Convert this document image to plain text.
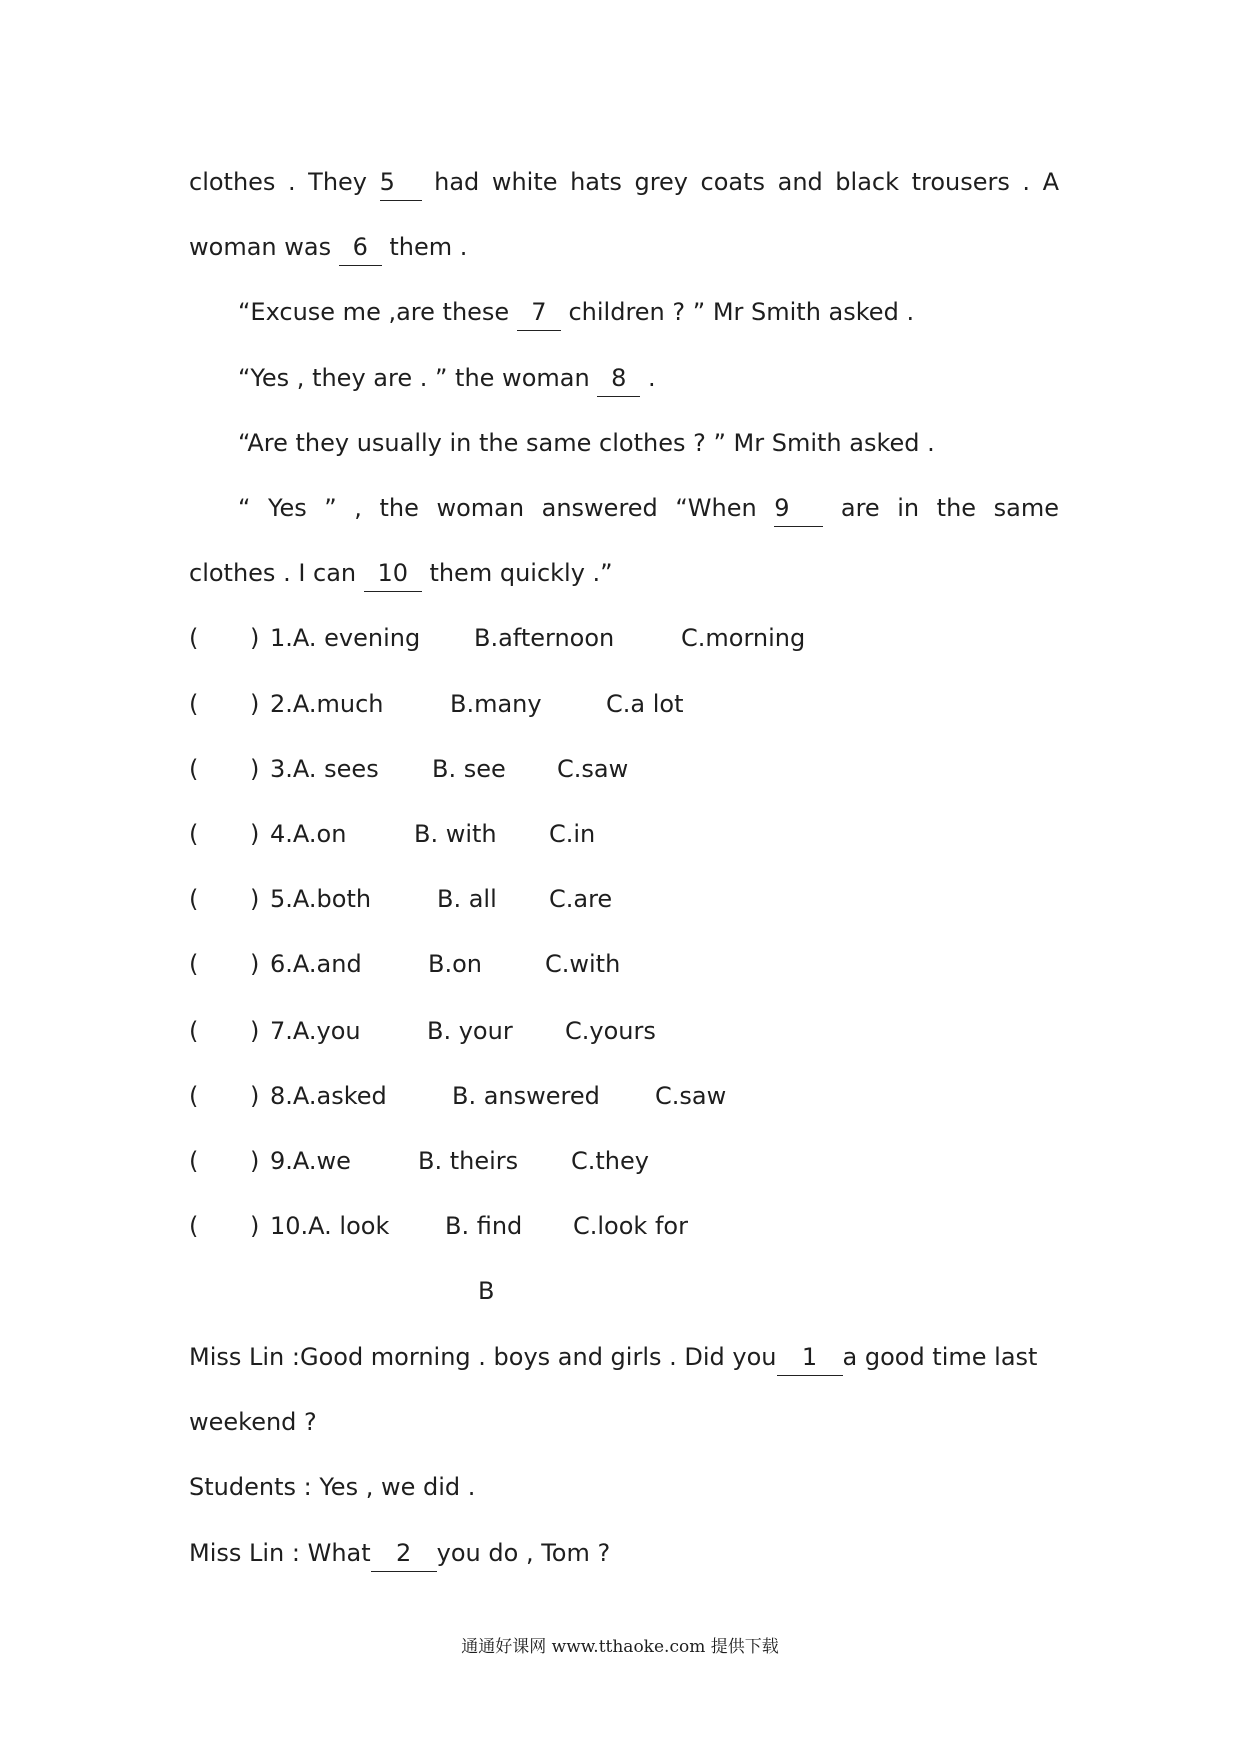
clothes . They 5 had white hats grey coats and black trousers . A
woman was 6 them .
“Excuse me ,are these 7 children ? ” Mr Smith asked .
“Yes , they are . ” the woman 8 .
“Are they usually in the same clothes ? ” Mr Smith asked .
“ Yes ” , the woman answered “When 9 are in the same
clothes . I can 10 them quickly .”
( ) 1.A. evening B.afternoon	C.morning
( ) 2.A.much	B.many	C.a lot
( ) 3.A. sees B. see C.saw
( ) 4.A.on	B. with C.in
( ) 5.A.both	B. all C.are
( ) 6.A.and	B.on	C.with
( ) 7.A.you	B. your C.yours
( ) 8.A.asked	B. answered C.saw
( ) 9.A.we	B. theirs C.they
( ) 10.A. look B. find C.look for
B
Miss Lin :Good morning . boys and girls . Did you 1 a good time last
weekend ?
Students : Yes , we did .
Miss Lin : What 2 you do , Tom ?
通通好课网 www.tthaoke.com 提供下载
